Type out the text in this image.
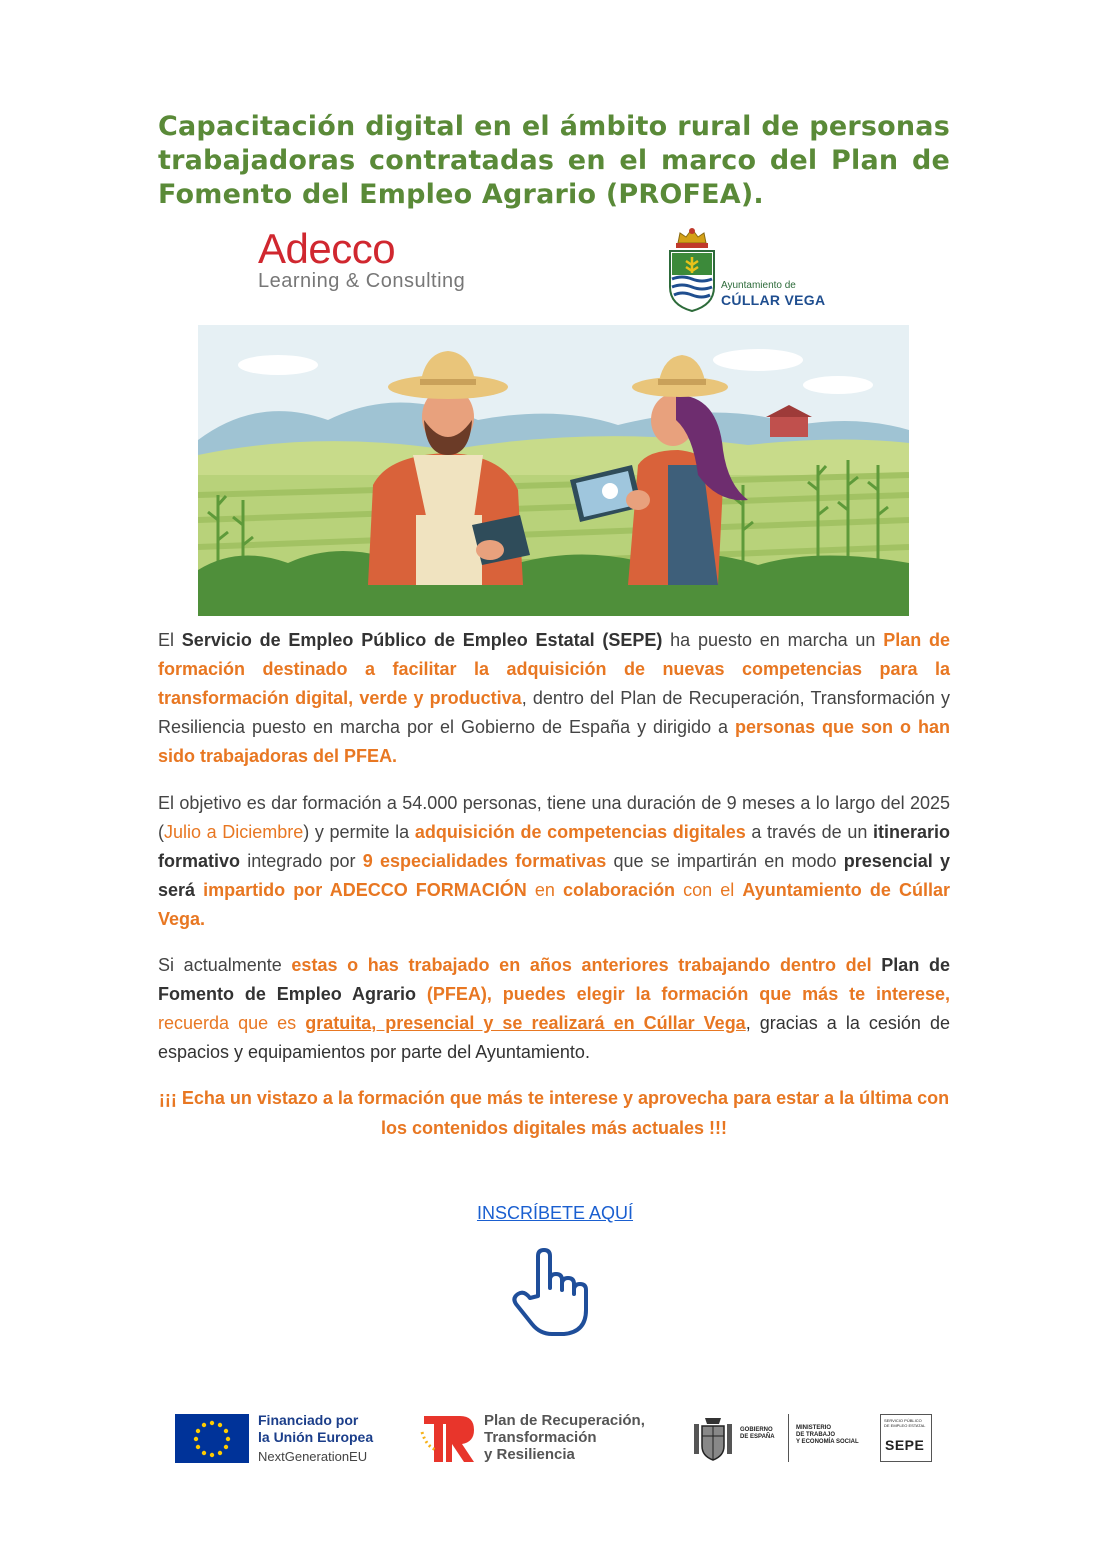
Capacitación digital en el ámbito rural de personas trabajadoras contratadas en el marco del Plan de Fomento del Empleo Agrario (PROFEA).
Adecco
Learning & Consulting	Ayuntamiento de
CÚLLAR VEGA
El Servicio de Empleo Público de Empleo Estatal (SEPE) ha puesto en marcha un Plan de formación destinado a facilitar la adquisición de nuevas competencias para la transformación digital, verde y productiva, dentro del Plan de Recuperación, Transformación y Resiliencia puesto en marcha por el Gobierno de España y dirigido a personas que son o han sido trabajadoras del PFEA.
El objetivo es dar formación a 54.000 personas, tiene una duración de 9 meses a lo largo del 2025 (Julio a Diciembre) y permite la adquisición de competencias digitales a través de un itinerario formativo integrado por 9 especialidades formativas que se impartirán en modo presencial y será impartido por ADECCO FORMACIÓN en colaboración con el Ayuntamiento de Cúllar Vega.
Si actualmente estas o has trabajado en años anteriores trabajando dentro del Plan de Fomento de Empleo Agrario (PFEA), puedes elegir la formación que más te interese, recuerda que es gratuita, presencial y se realizará en Cúllar Vega, gracias a la cesión de espacios y equipamientos por parte del Ayuntamiento.
¡¡¡ Echa un vistazo a la formación que más te interese y aprovecha para estar a la última con los contenidos digitales más actuales !!!
INSCRÍBETE AQUÍ
Financiado por
la Unión Europea
NextGenerationEU
Plan de Recuperación,
Transformación
y Resiliencia
GOBIERNO
DE ESPAÑA
MINISTERIO
DE TRABAJO
Y ECONOMÍA SOCIAL
SERVICIO PÚBLICO DE EMPLEO ESTATAL
SEPE
